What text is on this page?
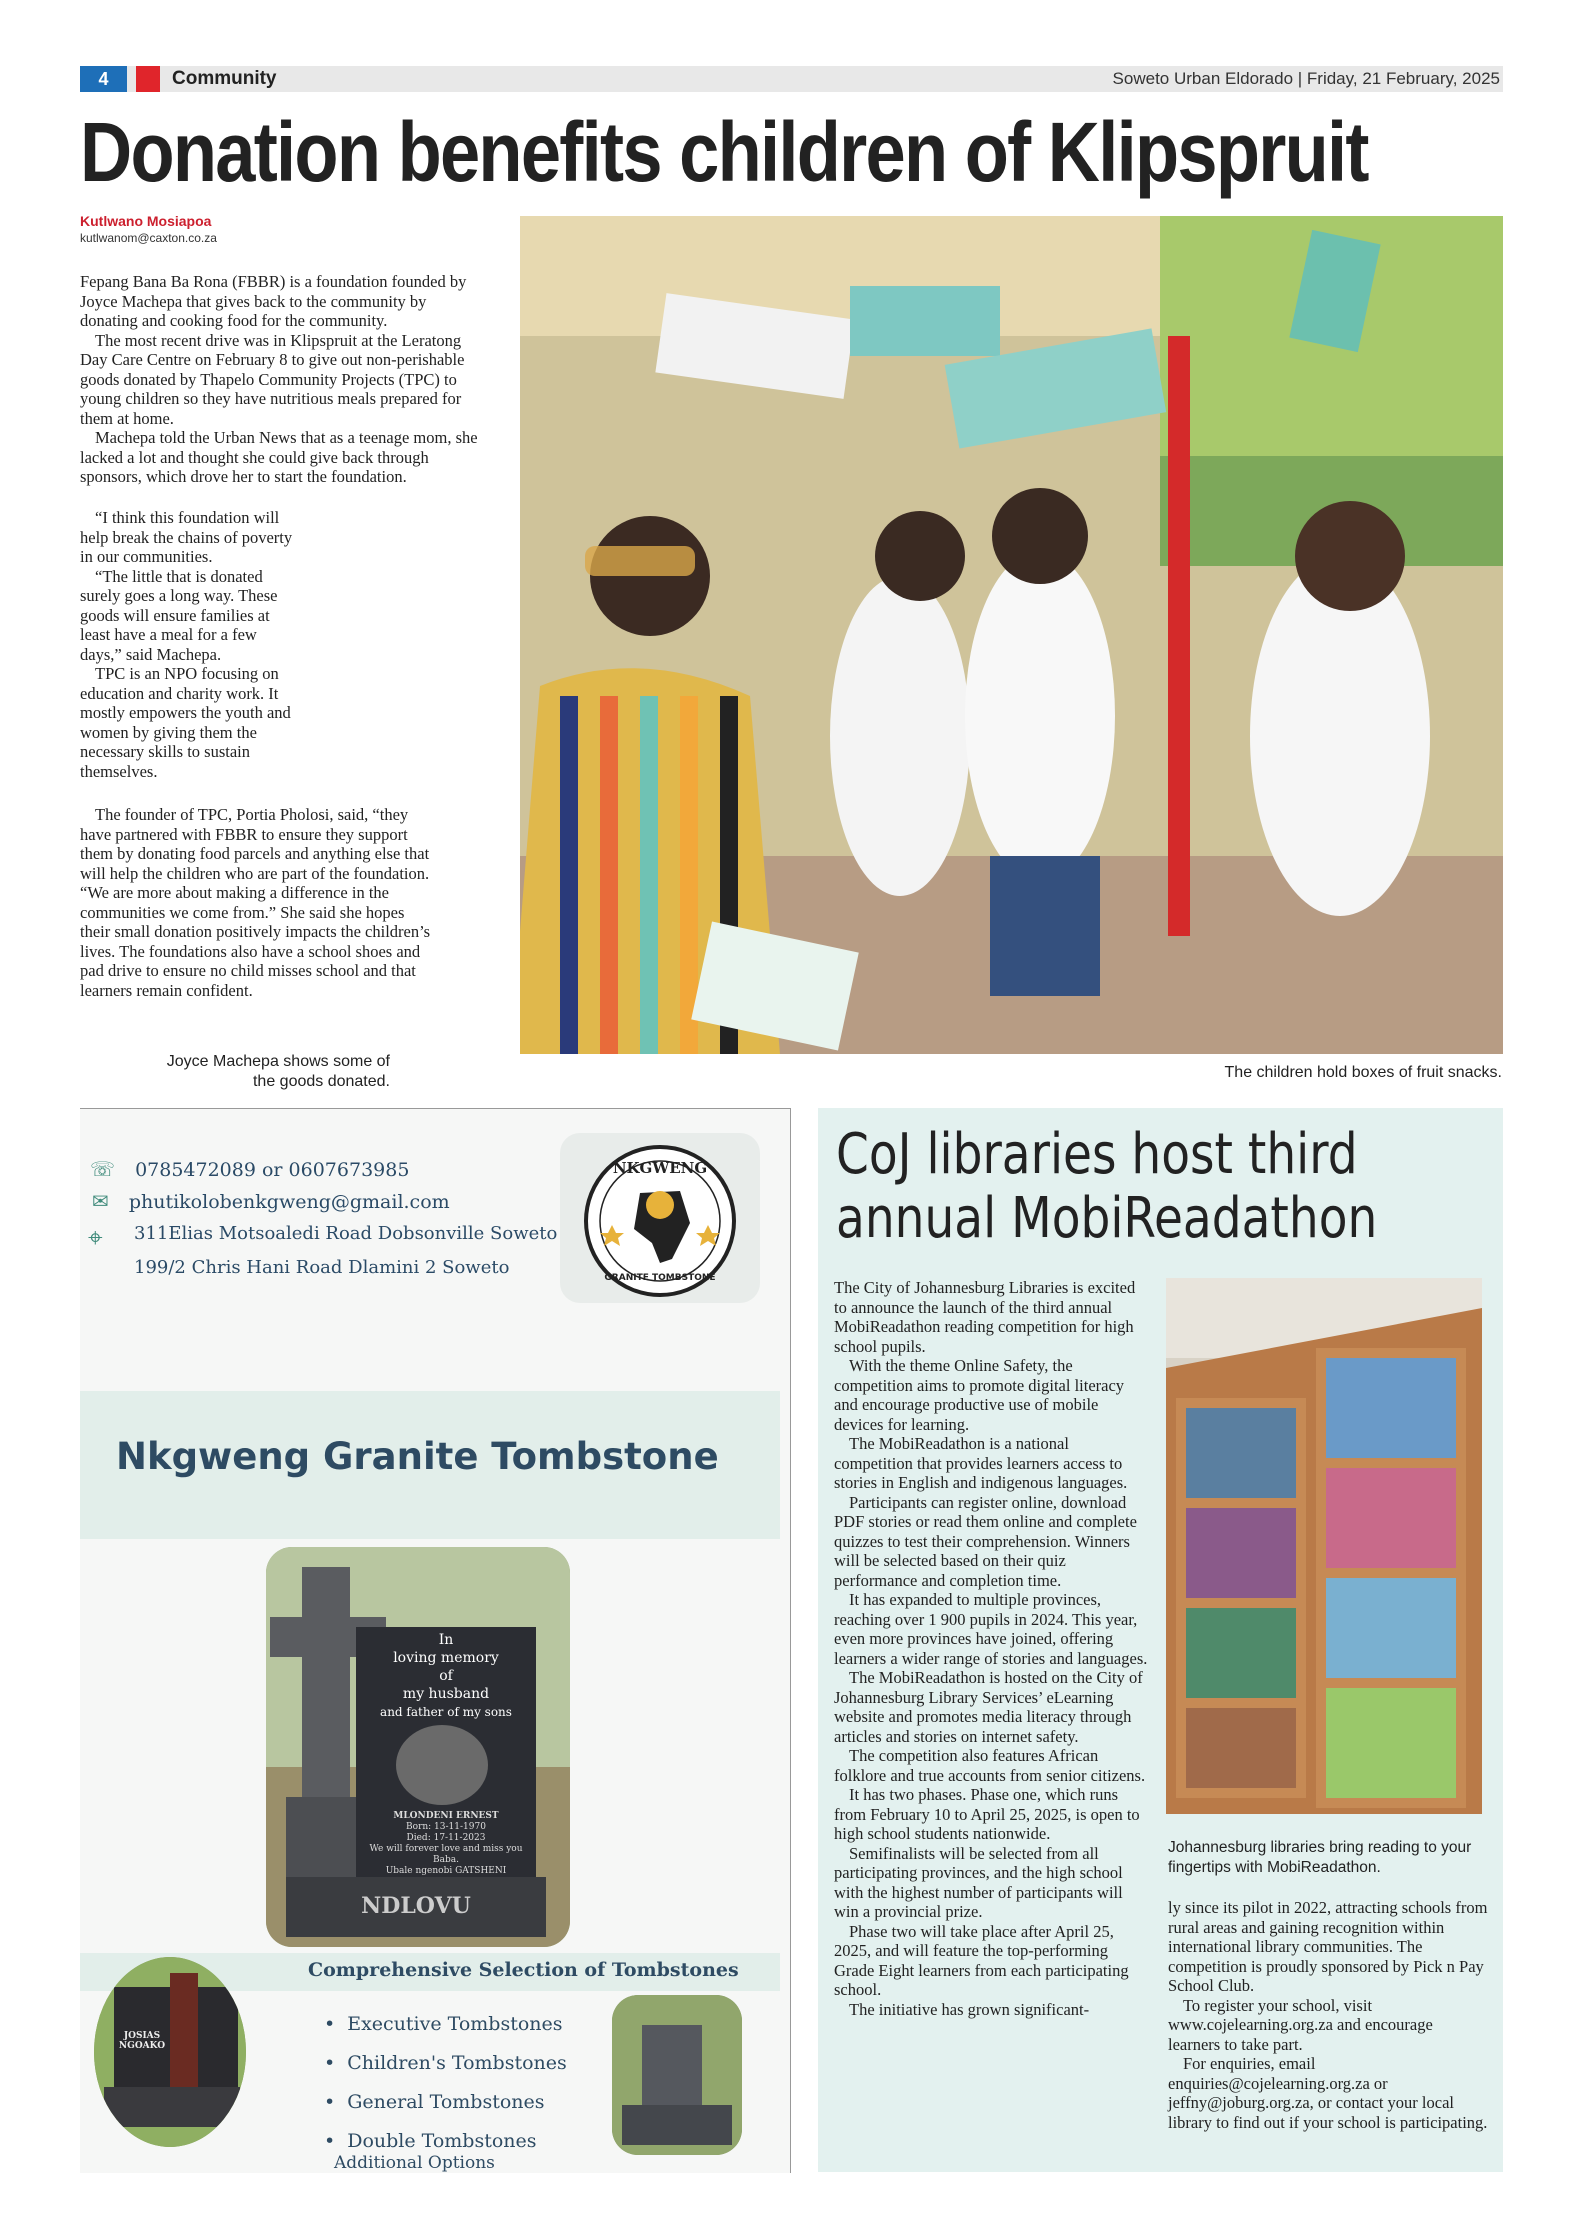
4	Community	Soweto Urban Eldorado | Friday, 21 February, 2025
Donation benefits children of Klipspruit
Kutlwano Mosiapoa
kutlwanom@caxton.co.za

Fepang Bana Ba Rona (FBBR) is a foundation founded by Joyce Machepa that gives back to the community by donating and cooking food for the community.

The most recent drive was in Klipspruit at the Leratong Day Care Centre on February 8 to give out non-perishable goods donated by Thapelo Community Projects (TPC) to young children so they have nutritious meals prepared for them at home.

Machepa told the Urban News that as a teenage mom, she lacked a lot and thought she could give back through sponsors, which drove her to start the foundation.

“I think this foundation will help break the chains of poverty in our communities.

“The little that is donated surely goes a long way. These goods will ensure families at least have a meal for a few days,” said Machepa.

TPC is an NPO focusing on education and charity work. It mostly empowers the youth and women by giving them the necessary skills to sustain themselves.

The founder of TPC, Portia Pholosi, said, “they have partnered with FBBR to ensure they support them by donating food parcels and anything else that will help the children who are part of the foundation. “We are more about making a difference in the communities we come from.” She said she hopes their small donation positively impacts the children’s lives. The foundations also have a school shoes and pad drive to ensure no child misses school and that learners remain confident.

Joyce Machepa shows some of the goods donated.
The children hold boxes of fruit snacks.
☏ 0785472089 or 0607673985
✉ phutikolobenkgweng@gmail.com
⌖ 311Elias Motsoaledi Road Dobsonville Soweto
199/2 Chris Hani Road Dlamini 2 Soweto
NKGWENG
GRANITE TOMBSTONE
Nkgweng Granite Tombstone
In
loving memory
of
my husband
and father of my sons
MLONDENI ERNEST
Born: 13-11-1970
Died: 17-11-2023
We will forever love and miss you Baba.
Ubale ngenobi GATSHENI
NDLOVU
Comprehensive Selection of Tombstones
JOSIAS NGOAKO
• Executive Tombstones
• Children's Tombstones
• General Tombstones
• Double Tombstones
Additional Options
CoJ libraries host third
annual MobiReadathon

The City of Johannesburg Libraries is excited to announce the launch of the third annual MobiReadathon reading competition for high school pupils.

With the theme Online Safety, the competition aims to promote digital literacy and encourage productive use of mobile devices for learning.

The MobiReadathon is a national competition that provides learners access to stories in English and indigenous languages.

Participants can register online, download PDF stories or read them online and complete quizzes to test their comprehension. Winners will be selected based on their quiz performance and completion time.

It has expanded to multiple provinces, reaching over 1 900 pupils in 2024. This year, even more provinces have joined, offering learners a wider range of stories and languages.

The MobiReadathon is hosted on the City of Johannesburg Library Services’ eLearning website and promotes media literacy through articles and stories on internet safety.

The competition also features African folklore and true accounts from senior citizens.

It has two phases. Phase one, which runs from February 10 to April 25, 2025, is open to high school students nationwide.

Semifinalists will be selected from all participating provinces, and the high school with the highest number of participants will win a provincial prize.

Phase two will take place after April 25, 2025, and will feature the top-performing Grade Eight learners from each participating school.

The initiative has grown significant-

Johannesburg libraries bring reading to your fingertips with MobiReadathon.

ly since its pilot in 2022, attracting schools from rural areas and gaining recognition within international library communities. The competition is proudly sponsored by Pick n Pay School Club.

To register your school, visit www.cojelearning.org.za and encourage learners to take part.

For enquiries, email enquiries@cojelearning.org.za or jeffny@joburg.org.za, or contact your local library to find out if your school is participating.
